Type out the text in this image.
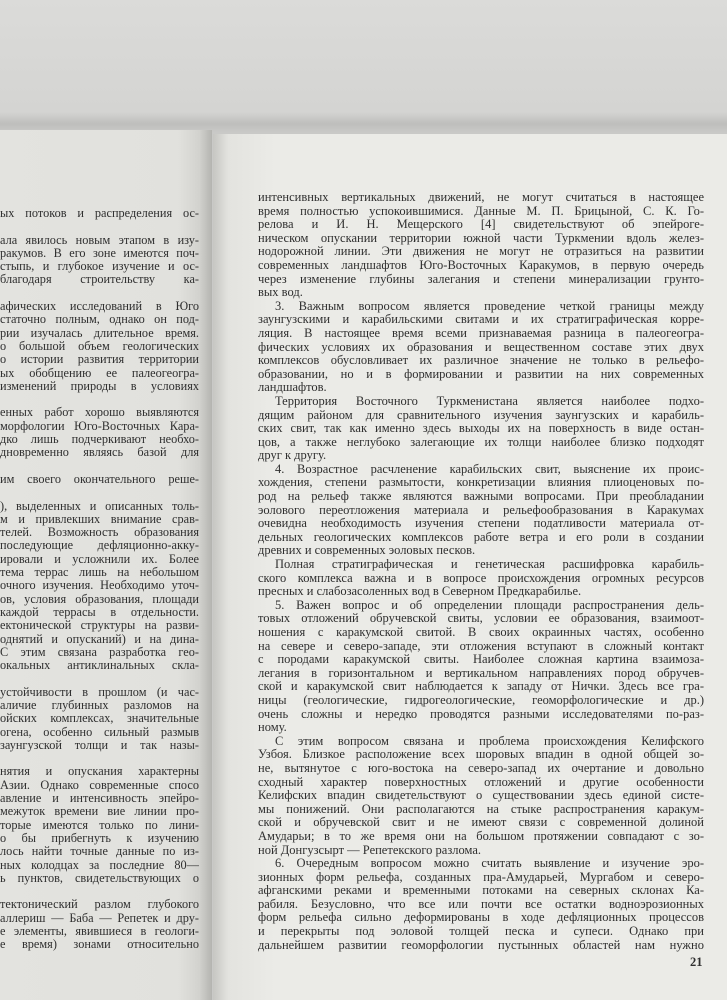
ых потоков и распределения ос-
ала явилось новым этапом в изу-
ракумов. В его зоне имеются поч-
стыпь, и глубокое изучение и ос-
благодаря строительству ка-
афических исследований в Юго
статочно полным, однако он под-
рии изучалась длительное время.
о большой объем геологических
о истории развития территории
ых обобщению ее палеогеогра-
изменений природы в условиях
енных работ хорошо выявляются
морфологии Юго-Восточных Кара-
дко лишь подчеркивают необхо-
дновременно являясь базой для
им своего окончательного реше-
), выделенных и описанных толь-
м и привлекших внимание срав-
телей. Возможность образования
последующие дефляционно-акку-
ировали и усложнили их. Более
тема террас лишь на небольшом
очного изучения. Необходимо уточ-
ов, условия образования, площади
каждой террасы в отдельности.
ектонической структуры на разви-
однятий и опусканий) и на дина-
С этим связана разработка гео-
окальных антиклинальных скла-
устойчивости в прошлом (и час-
аличие глубинных разломов на
ойских комплексах, значительные
огена, особенно сильный размыв
заунгузской толщи и так назы-
нятия и опускания характерны
Азии. Однако современные спосо
авление и интенсивность эпейро-
межуток времени вие линии про-
торые имеются только по лини-
о бы прибегнуть к изучению
лось найти точные данные по из-
ных колодцах за последние 80—
ь пунктов, свидетельствующих о
тектонический разлом глубокого
аллериш — Баба — Репетек и дру-
е элементы, явившиеся в геологи-
е время) зонами относительно
интенсивных вертикальных движений, не могут считаться в настоящее
время полностью успокоившимися. Данные М. П. Брицыной, С. К. Го-
релова и И. Н. Мещерского [4] свидетельствуют об эпейроге-
ническом опускании территории южной части Туркмении вдоль желез-
нодорожной линии. Эти движения не могут не отразиться на развитии
современных ландшафтов Юго-Восточных Каракумов, в первую очередь
через изменение глубины залегания и степени минерализации грунто-
вых вод.
3. Важным вопросом является проведение четкой границы между
заунгузскими и карабильскими свитами и их стратиграфическая корре-
ляция. В настоящее время всеми признаваемая разница в палеогеогра-
фических условиях их образования и вещественном составе этих двух
комплексов обусловливает их различное значение не только в рельефо-
образовании, но и в формировании и развитии на них современных
ландшафтов.
Территория Восточного Туркменистана является наиболее подхо-
дящим районом для сравнительного изучения заунгузских и карабиль-
ских свит, так как именно здесь выходы их на поверхность в виде остан-
цов, а также неглубоко залегающие их толщи наиболее близко подходят
друг к другу.
4. Возрастное расчленение карабильских свит, выяснение их проис-
хождения, степени размытости, конкретизации влияния плиоценовых по-
род на рельеф также являются важными вопросами. При преобладании
эолового переотложения материала и рельефообразования в Каракумах
очевидна необходимость изучения степени податливости материала от-
дельных геологических комплексов работе ветра и его роли в создании
древних и современных эоловых песков.
Полная стратиграфическая и генетическая расшифровка карабиль-
ского комплекса важна и в вопросе происхождения огромных ресурсов
пресных и слабозасоленных вод в Северном Предкарабилье.
5. Важен вопрос и об определении площади распространения дель-
товых отложений обручевской свиты, условии ее образования, взаимоот-
ношения с каракумской свитой. В своих окраинных частях, особенно
на севере и северо-западе, эти отложения вступают в сложный контакт
с породами каракумской свиты. Наиболее сложная картина взаимоза-
легания в горизонтальном и вертикальном направлениях пород обручев-
ской и каракумской свит наблюдается к западу от Нички. Здесь все гра-
ницы (геологические, гидрогеологические, геоморфологические и др.)
очень сложны и нередко проводятся разными исследователями по-раз-
ному.
С этим вопросом связана и проблема происхождения Келифского
Узбоя. Близкое расположение всех шоровых впадин в одной общей зо-
не, вытянутое с юго-востока на северо-запад их очертание и довольно
сходный характер поверхностных отложений и другие особенности
Келифских впадин свидетельствуют о существовании здесь единой систе-
мы понижений. Они располагаются на стыке распространения каракум-
ской и обручевской свит и не имеют связи с современной долиной
Амударьи; в то же время они на большом протяжении совпадают с зо-
ной Донгузсырт — Репетекского разлома.
6. Очередным вопросом можно считать выявление и изучение эро-
зионных форм рельефа, созданных пра-Амударьей, Мургабом и северо-
афганскими реками и временными потоками на северных склонах Ка-
рабиля. Безусловно, что все или почти все остатки водноэрозионных
форм рельефа сильно деформированы в ходе дефляционных процессов
и перекрыты под эоловой толщей песка и супеси. Однако при
дальнейшем развитии геоморфологии пустынных областей нам нужно
21
